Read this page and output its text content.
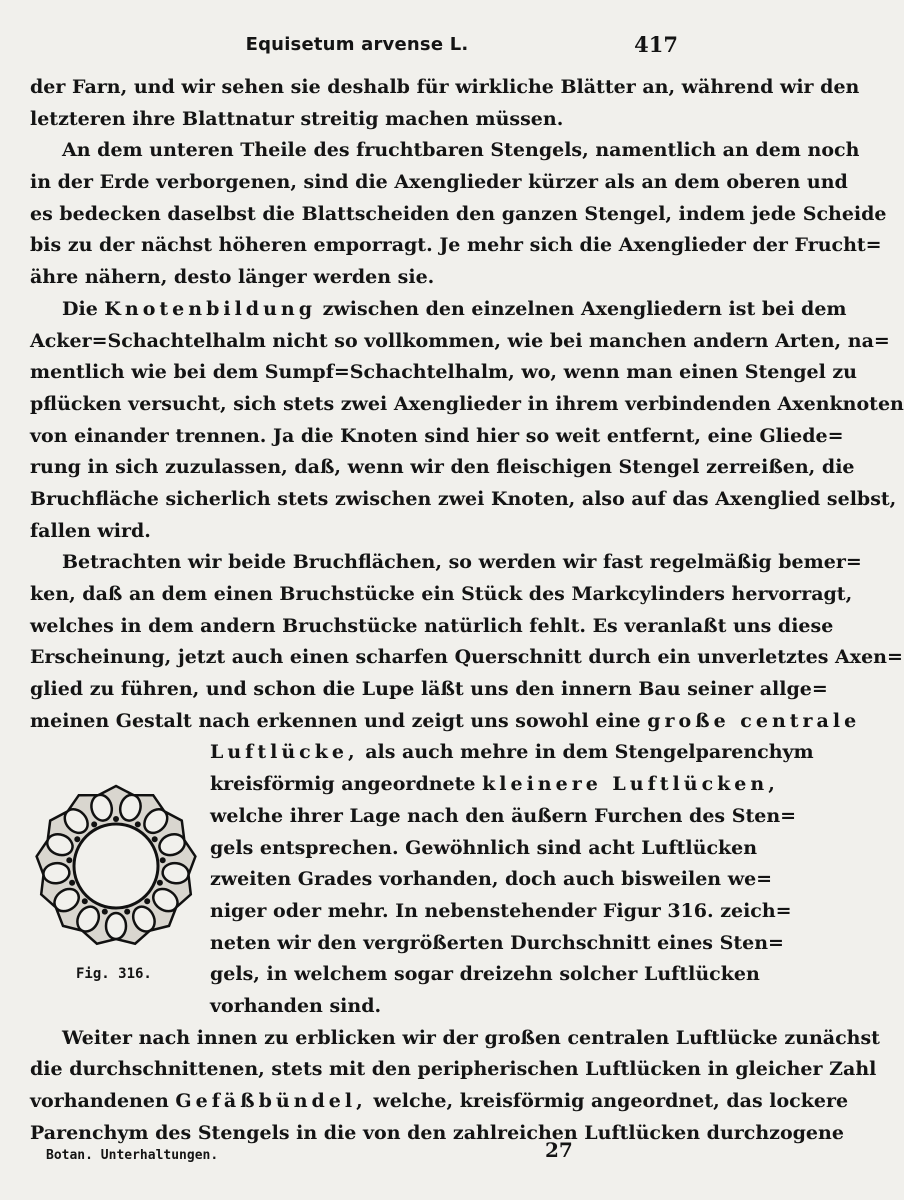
Equisetum arvense L.	417
der Farn, und wir sehen sie deshalb für wirkliche Blätter an, während wir den
letzteren ihre Blattnatur streitig machen müssen.
An dem unteren Theile des fruchtbaren Stengels, namentlich an dem noch
in der Erde verborgenen, sind die Axenglieder kürzer als an dem oberen und
es bedecken daselbst die Blattscheiden den ganzen Stengel, indem jede Scheide
bis zu der nächst höheren emporragt. Je mehr sich die Axenglieder der Frucht=
ähre nähern, desto länger werden sie.
Die Knotenbildung zwischen den einzelnen Axengliedern ist bei dem
Acker=Schachtelhalm nicht so vollkommen, wie bei manchen andern Arten, na=
mentlich wie bei dem Sumpf=Schachtelhalm, wo, wenn man einen Stengel zu
pflücken versucht, sich stets zwei Axenglieder in ihrem verbindenden Axenknoten
von einander trennen. Ja die Knoten sind hier so weit entfernt, eine Gliede=
rung in sich zuzulassen, daß, wenn wir den fleischigen Stengel zerreißen, die
Bruchfläche sicherlich stets zwischen zwei Knoten, also auf das Axenglied selbst,
fallen wird.
Betrachten wir beide Bruchflächen, so werden wir fast regelmäßig bemer=
ken, daß an dem einen Bruchstücke ein Stück des Markcylinders hervorragt,
welches in dem andern Bruchstücke natürlich fehlt. Es veranlaßt uns diese
Erscheinung, jetzt auch einen scharfen Querschnitt durch ein unverletztes Axen=
glied zu führen, und schon die Lupe läßt uns den innern Bau seiner allge=
meinen Gestalt nach erkennen und zeigt uns sowohl eine große centrale
Luftlücke, als auch mehre in dem Stengelparenchym
kreisförmig angeordnete kleinere Luftlücken,
welche ihrer Lage nach den äußern Furchen des Sten=
gels entsprechen. Gewöhnlich sind acht Luftlücken
zweiten Grades vorhanden, doch auch bisweilen we=
niger oder mehr. In nebenstehender Figur 316. zeich=
neten wir den vergrößerten Durchschnitt eines Sten=
gels, in welchem sogar dreizehn solcher Luftlücken
vorhanden sind.
Weiter nach innen zu erblicken wir der großen centralen Luftlücke zunächst
die durchschnittenen, stets mit den peripherischen Luftlücken in gleicher Zahl
vorhandenen Gefäßbündel, welche, kreisförmig angeordnet, das lockere
Parenchym des Stengels in die von den zahlreichen Luftlücken durchzogene
Fig. 316.
Botan. Unterhaltungen.	27
